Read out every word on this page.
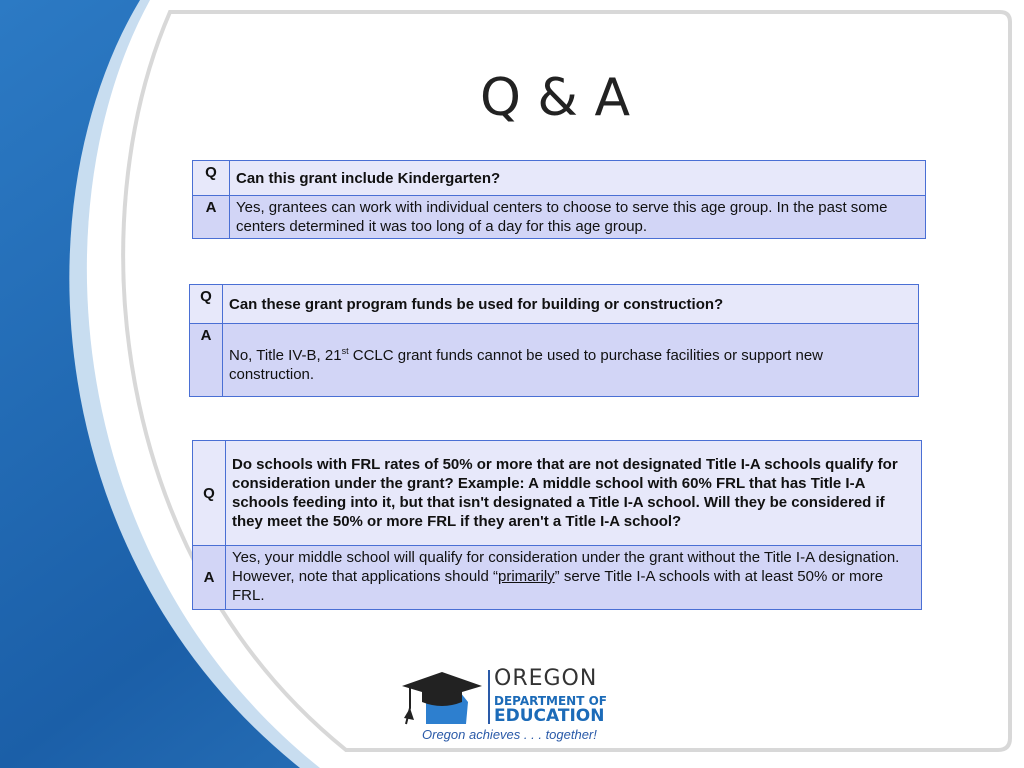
Q & A
Q	Can this grant include Kindergarten?
A	Yes, grantees can work with individual centers to choose to serve this age group. In the past some centers determined it was too long of a day for this age group.
Q	Can these grant program funds be used for building or construction?
A	No, Title IV-B, 21st CCLC grant funds cannot be used to purchase facilities or support new construction.
Q	Do schools with FRL rates of 50% or more that are not designated Title I-A schools qualify for consideration under the grant? Example: A middle school with 60% FRL that has Title I-A schools feeding into it, but that isn't designated a Title I-A school. Will they be considered if they meet the 50% or more FRL if they aren't a Title I-A school?
A	Yes, your middle school will qualify for consideration under the grant without the Title I-A designation. However, note that applications should “primarily” serve Title I-A schools with at least 50% or more FRL.
OREGON
DEPARTMENT OF
EDUCATION
Oregon achieves . . . together!
